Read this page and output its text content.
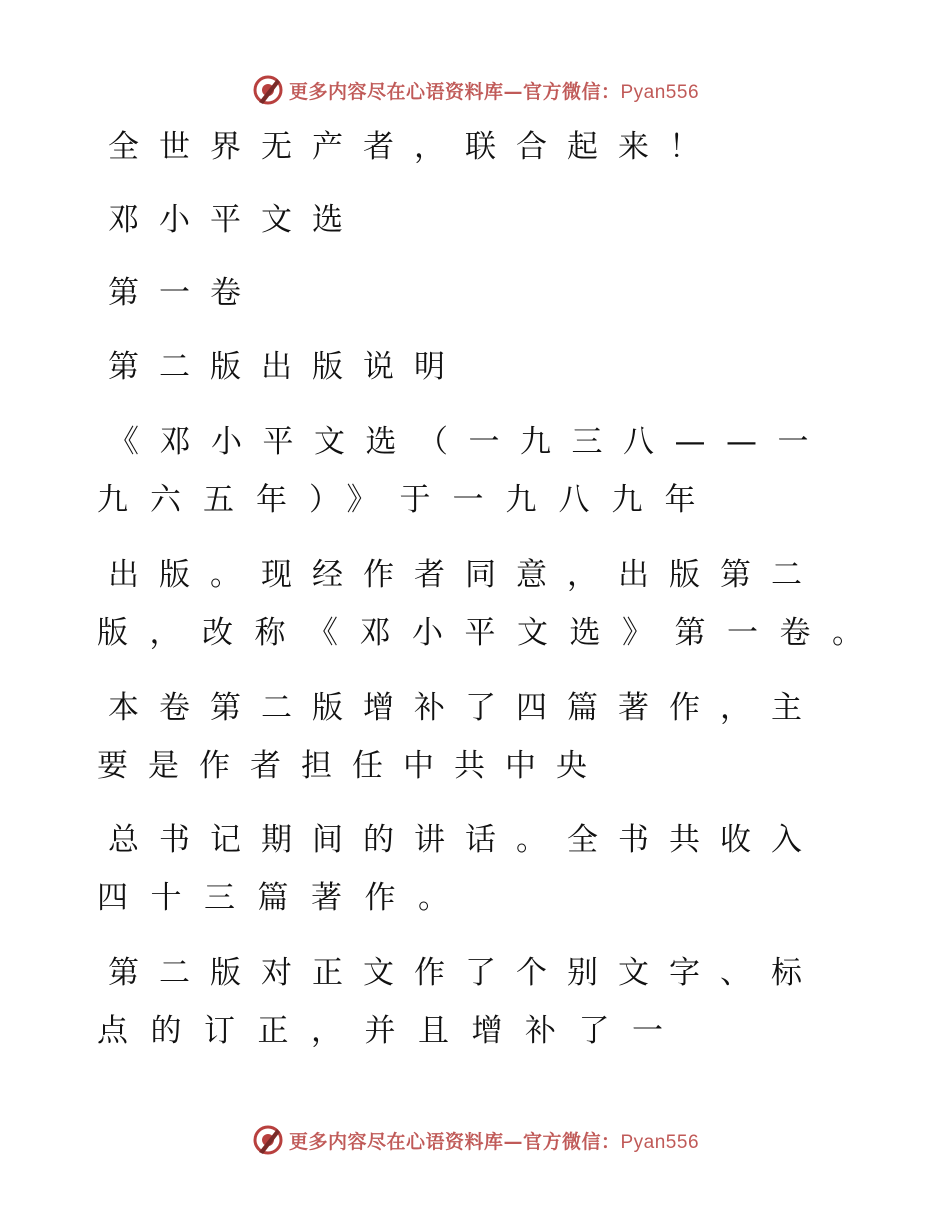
更多内容尽在心语资料库—官方微信：Pyan556
全世界无产者，联合起来！
邓小平文选
第一卷
第二版出版说明
《邓小平文选（一九三八——一
九六五年）》于一九八九年
出版。现经作者同意，出版第二
版，改称《邓小平文选》第一卷。
本卷第二版增补了四篇著作，主
要是作者担任中共中央
总书记期间的讲话。全书共收入
四十三篇著作。
第二版对正文作了个别文字、标
点的订正，并且增补了一
更多内容尽在心语资料库—官方微信：Pyan556
